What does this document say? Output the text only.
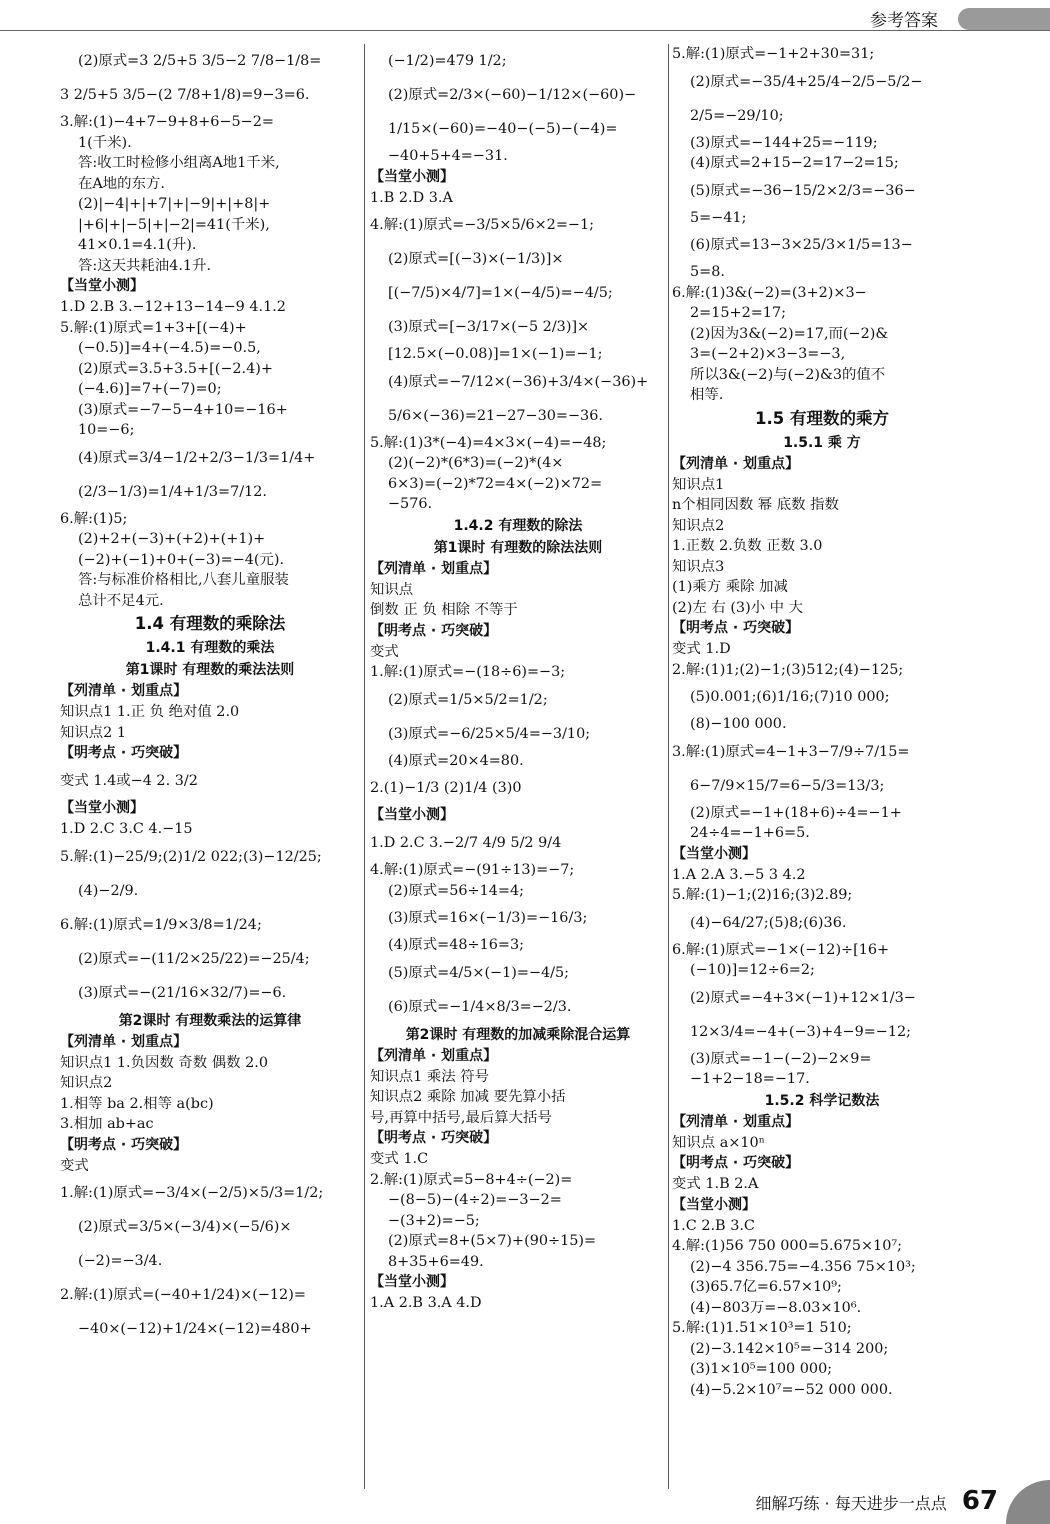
参考答案
(2)原式=3 2/5+5 3/5−2 7/8−1/8=
3 2/5+5 3/5−(2 7/8+1/8)=9−3=6.
3.解:(1)−4+7−9+8+6−5−2=
1(千米).
答:收工时检修小组离A地1千米,
在A地的东方.
(2)|−4|+|+7|+|−9|+|+8|+
|+6|+|−5|+|−2|=41(千米),
41×0.1=4.1(升).
答:这天共耗油4.1升.
【当堂小测】
1.D 2.B 3.−12+13−14−9 4.1.2
5.解:(1)原式=1+3+[(−4)+
(−0.5)]=4+(−4.5)=−0.5,
(2)原式=3.5+3.5+[(−2.4)+
(−4.6)]=7+(−7)=0;
(3)原式=−7−5−4+10=−16+
10=−6;
(4)原式=3/4−1/2+2/3−1/3=1/4+
(2/3−1/3)=1/4+1/3=7/12.
6.解:(1)5;
(2)+2+(−3)+(+2)+(+1)+
(−2)+(−1)+0+(−3)=−4(元).
答:与标准价格相比,八套儿童服装
总计不足4元.
1.4 有理数的乘除法
1.4.1 有理数的乘法
第1课时 有理数的乘法法则
【列清单 · 划重点】
知识点1 1.正 负 绝对值 2.0
知识点2 1
【明考点 · 巧突破】
变式 1.4或−4 2. 3/2
【当堂小测】
1.D 2.C 3.C 4.−15
5.解:(1)−25/9;(2)1/2 022;(3)−12/25;
(4)−2/9.
6.解:(1)原式=1/9×3/8=1/24;
(2)原式=−(11/2×25/22)=−25/4;
(3)原式=−(21/16×32/7)=−6.
第2课时 有理数乘法的运算律
【列清单 · 划重点】
知识点1 1.负因数 奇数 偶数 2.0
知识点2
1.相等 ba 2.相等 a(bc)
3.相加 ab+ac
【明考点 · 巧突破】
变式
1.解:(1)原式=−3/4×(−2/5)×5/3=1/2;
(2)原式=3/5×(−3/4)×(−5/6)×
(−2)=−3/4.
2.解:(1)原式=(−40+1/24)×(−12)=
−40×(−12)+1/24×(−12)=480+
(−1/2)=479 1/2;
(2)原式=2/3×(−60)−1/12×(−60)−
1/15×(−60)=−40−(−5)−(−4)=
−40+5+4=−31.
【当堂小测】
1.B 2.D 3.A
4.解:(1)原式=−3/5×5/6×2=−1;
(2)原式=[(−3)×(−1/3)]×
[(−7/5)×4/7]=1×(−4/5)=−4/5;
(3)原式=[−3/17×(−5 2/3)]×
[12.5×(−0.08)]=1×(−1)=−1;
(4)原式=−7/12×(−36)+3/4×(−36)+
5/6×(−36)=21−27−30=−36.
5.解:(1)3*(−4)=4×3×(−4)=−48;
(2)(−2)*(6*3)=(−2)*(4×
6×3)=(−2)*72=4×(−2)×72=
−576.
1.4.2 有理数的除法
第1课时 有理数的除法法则
【列清单 · 划重点】
知识点
倒数 正 负 相除 不等于
【明考点 · 巧突破】
变式
1.解:(1)原式=−(18÷6)=−3;
(2)原式=1/5×5/2=1/2;
(3)原式=−6/25×5/4=−3/10;
(4)原式=20×4=80.
2.(1)−1/3 (2)1/4 (3)0
【当堂小测】
1.D 2.C 3.−2/7 4/9 5/2 9/4
4.解:(1)原式=−(91÷13)=−7;
(2)原式=56÷14=4;
(3)原式=16×(−1/3)=−16/3;
(4)原式=48÷16=3;
(5)原式=4/5×(−1)=−4/5;
(6)原式=−1/4×8/3=−2/3.
第2课时 有理数的加减乘除混合运算
【列清单 · 划重点】
知识点1 乘法 符号
知识点2 乘除 加减 要先算小括
号,再算中括号,最后算大括号
【明考点 · 巧突破】
变式 1.C
2.解:(1)原式=5−8+4÷(−2)=
−(8−5)−(4÷2)=−3−2=
−(3+2)=−5;
(2)原式=8+(5×7)+(90÷15)=
8+35+6=49.
【当堂小测】
1.A 2.B 3.A 4.D
5.解:(1)原式=−1+2+30=31;
(2)原式=−35/4+25/4−2/5−5/2−
2/5=−29/10;
(3)原式=−144+25=−119;
(4)原式=2+15−2=17−2=15;
(5)原式=−36−15/2×2/3=−36−
5=−41;
(6)原式=13−3×25/3×1/5=13−
5=8.
6.解:(1)3&(−2)=(3+2)×3−
2=15+2=17;
(2)因为3&(−2)=17,而(−2)&
3=(−2+2)×3−3=−3,
所以3&(−2)与(−2)&3的值不
相等.
1.5 有理数的乘方
1.5.1 乘 方
【列清单 · 划重点】
知识点1
n个相同因数 幂 底数 指数
知识点2
1.正数 2.负数 正数 3.0
知识点3
(1)乘方 乘除 加减
(2)左 右 (3)小 中 大
【明考点 · 巧突破】
变式 1.D
2.解:(1)1;(2)−1;(3)512;(4)−125;
(5)0.001;(6)1/16;(7)10 000;
(8)−100 000.
3.解:(1)原式=4−1+3−7/9÷7/15=
6−7/9×15/7=6−5/3=13/3;
(2)原式=−1+(18+6)÷4=−1+
24÷4=−1+6=5.
【当堂小测】
1.A 2.A 3.−5 3 4.2
5.解:(1)−1;(2)16;(3)2.89;
(4)−64/27;(5)8;(6)36.
6.解:(1)原式=−1×(−12)÷[16+
(−10)]=12÷6=2;
(2)原式=−4+3×(−1)+12×1/3−
12×3/4=−4+(−3)+4−9=−12;
(3)原式=−1−(−2)−2×9=
−1+2−18=−17.
1.5.2 科学记数法
【列清单 · 划重点】
知识点 a×10ⁿ
【明考点 · 巧突破】
变式 1.B 2.A
【当堂小测】
1.C 2.B 3.C
4.解:(1)56 750 000=5.675×10⁷;
(2)−4 356.75=−4.356 75×10³;
(3)65.7亿=6.57×10⁹;
(4)−803万=−8.03×10⁶.
5.解:(1)1.51×10³=1 510;
(2)−3.142×10⁵=−314 200;
(3)1×10⁵=100 000;
(4)−5.2×10⁷=−52 000 000.
细解巧练 · 每天进步一点点 67
